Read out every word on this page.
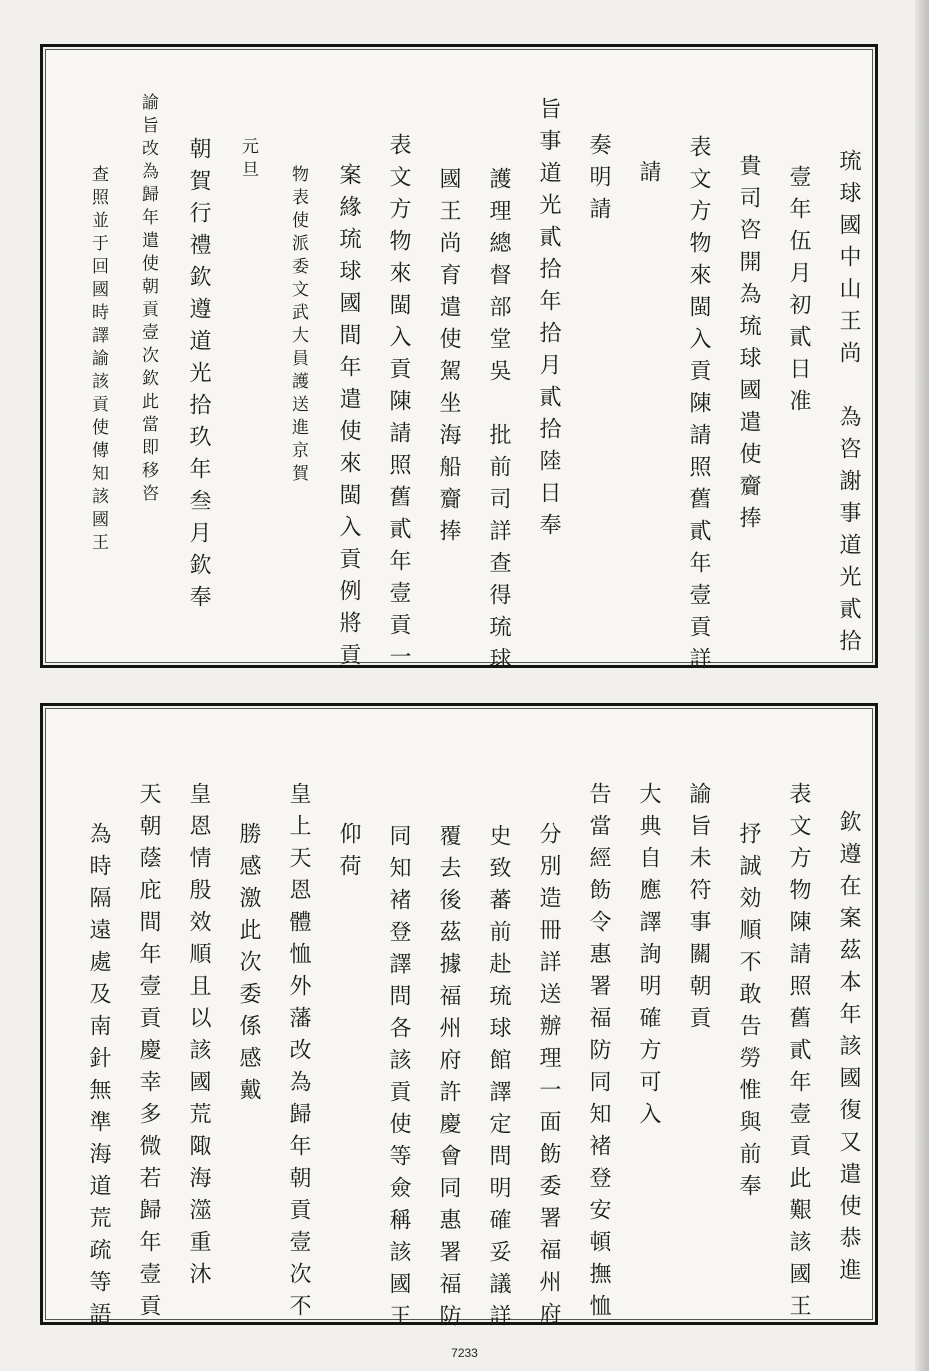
琉球國中山王尚　為咨謝事道光貳拾
壹年伍月初貳日准
貴司咨開為琉球國遣使齎捧
表文方物來閩入貢陳請照舊貳年壹貢詳
請
奏明請
旨事道光貳拾年拾月貳拾陸日奉
護理總督部堂吳　批前司詳查得琉球
國王尚育遣使駕坐海船齎捧
表文方物來閩入貢陳請照舊貳年壹貢一
案緣琉球國間年遣使來閩入貢例將貢
物表使派委文武大員護送進京賀
元旦
朝賀行禮欽遵道光拾玖年叁月欽奉
諭旨改為歸年遣使朝貢壹次欽此當即移咨
查照並于回國時譯諭該貢使傳知該國王
欽遵在案茲本年該國復又遣使恭進
表文方物陳請照舊貳年壹貢此艱該國王
抒誠効順不敢告勞惟與前奉
諭旨未符事關朝貢
大典自應譯詢明確方可入
告當經飭令惠署福防同知褚登安頓撫恤
分別造冊詳送辦理一面飭委署福州府
史致蕃前赴琉球館譯定問明確妥議詳
覆去後茲據福州府許慶會同惠署福防
同知褚登譯問各該貢使等僉稱該國王
仰荷
皇上天恩體恤外藩改為歸年朝貢壹次不
勝感激此次委係感戴
皇恩情殷效順且以該國荒陬海澨重沐
天朝蔭庇間年壹貢慶幸多微若歸年壹貢
為時隔遠處及南針無準海道荒疏等語
7233
